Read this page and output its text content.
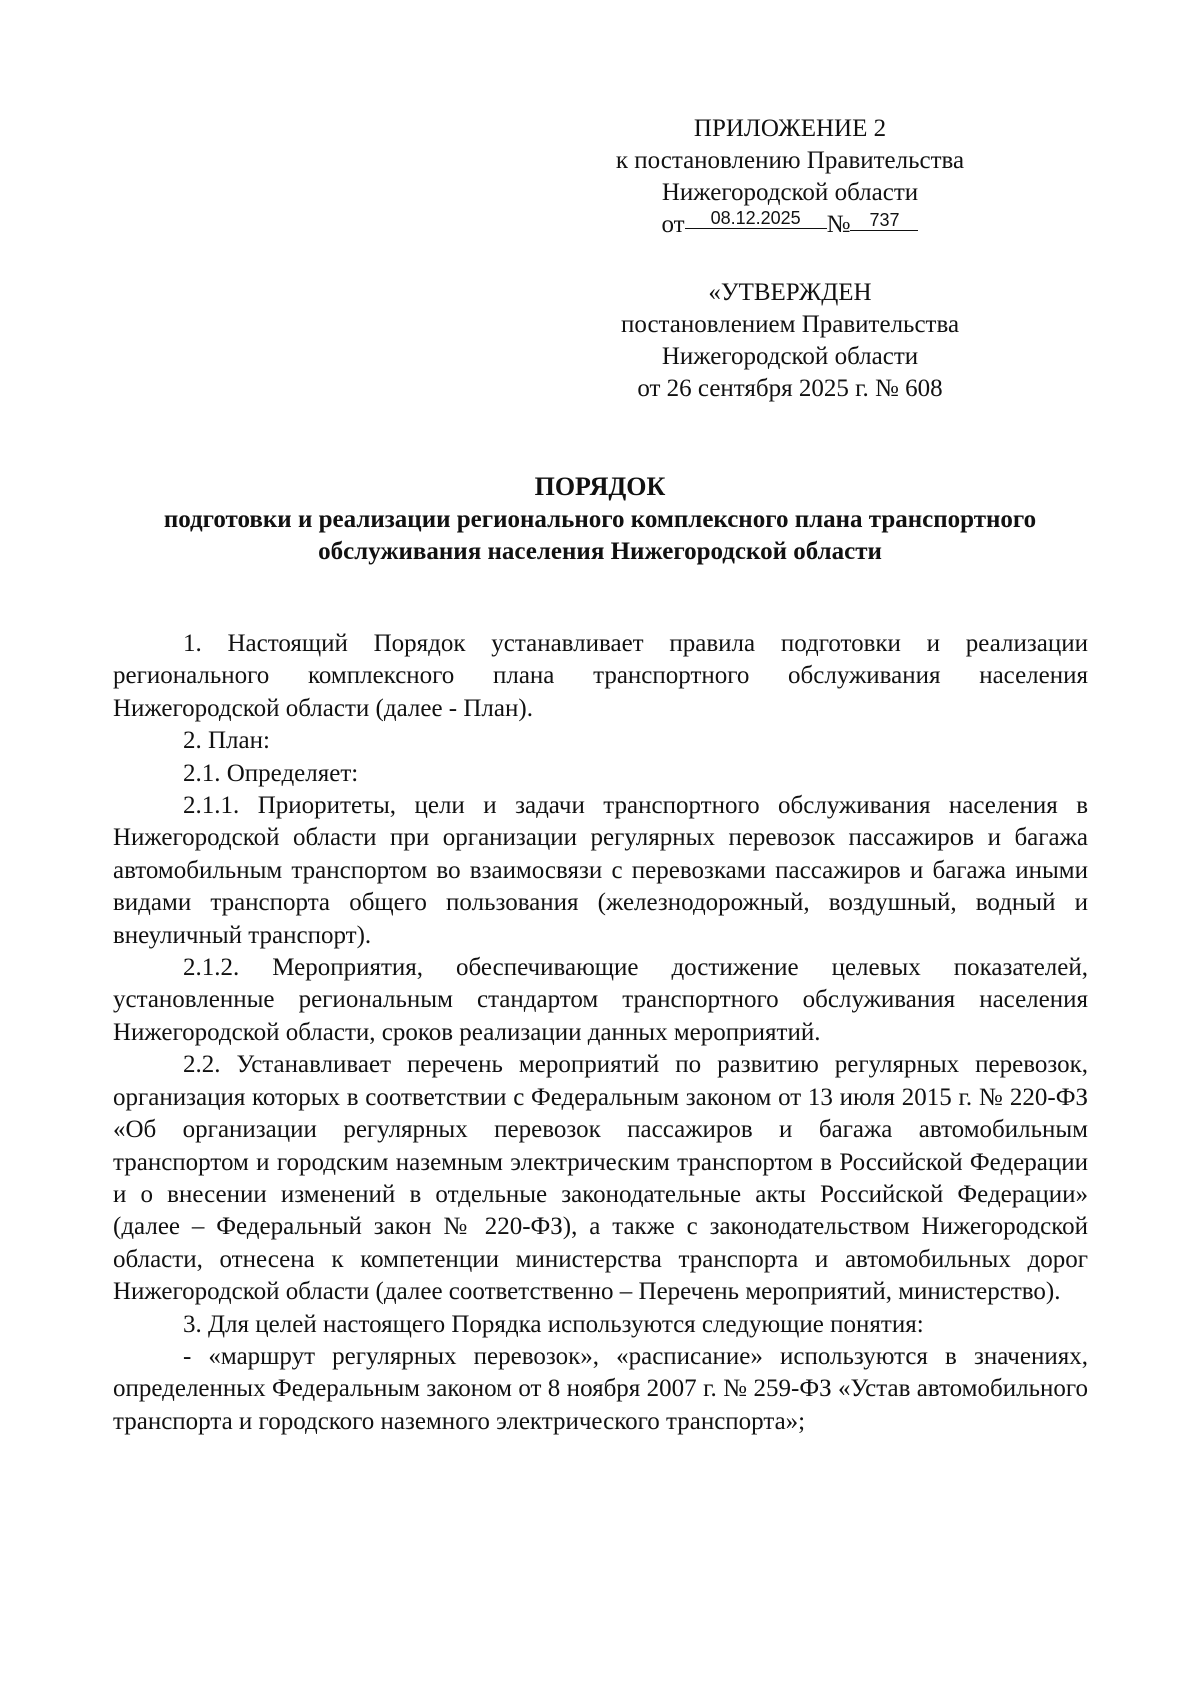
ПРИЛОЖЕНИЕ 2
к постановлению Правительства
Нижегородской области
от 08.12.2025 № 737
«УТВЕРЖДЕН
постановлением Правительства
Нижегородской области
от 26 сентября 2025 г. № 608
ПОРЯДОК
подготовки и реализации регионального комплексного плана транспортного обслуживания населения Нижегородской области

1. Настоящий Порядок устанавливает правила подготовки и реализации регионального комплексного плана транспортного обслуживания населения Нижегородской области (далее - План).

2. План:

2.1. Определяет:

2.1.1. Приоритеты, цели и задачи транспортного обслуживания населения в Нижегородской области при организации регулярных перевозок пассажиров и багажа автомобильным транспортом во взаимосвязи с перевозками пассажиров и багажа иными видами транспорта общего пользования (железнодорожный, воздушный, водный и внеуличный транспорт).

2.1.2. Мероприятия, обеспечивающие достижение целевых показателей, установленные региональным стандартом транспортного обслуживания населения Нижегородской области, сроков реализации данных мероприятий.

2.2. Устанавливает перечень мероприятий по развитию регулярных перевозок, организация которых в соответствии с Федеральным законом от 13 июля 2015 г. № 220-ФЗ «Об организации регулярных перевозок пассажиров и багажа автомобильным транспортом и городским наземным электрическим транспортом в Российской Федерации и о внесении изменений в отдельные законодательные акты Российской Федерации» (далее – Федеральный закон № 220-ФЗ), а также с законодательством Нижегородской области, отнесена к компетенции министерства транспорта и автомобильных дорог Нижегородской области (далее соответственно – Перечень мероприятий, министерство).

3. Для целей настоящего Порядка используются следующие понятия:

- «маршрут регулярных перевозок», «расписание» используются в значениях, определенных Федеральным законом от 8 ноября 2007 г. № 259-ФЗ «Устав автомобильного транспорта и городского наземного электрического транспорта»;
